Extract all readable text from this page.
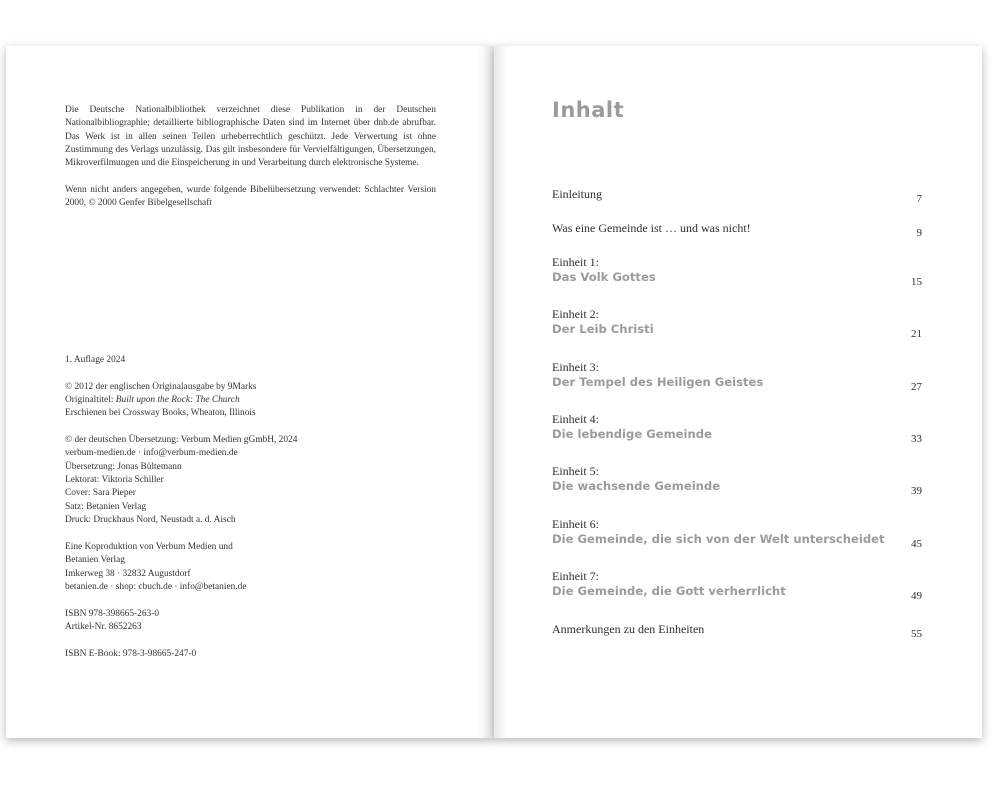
Die Deutsche Nationalbibliothek verzeichnet diese Publikation in der Deutschen Nationalbibliographie; detaillierte bibliographische Daten sind im Internet über dnb.de abrufbar. Das Werk ist in allen seinen Teilen urheberrechtlich geschützt. Jede Verwertung ist ohne Zustimmung des Verlags unzulässig. Das gilt insbesondere für Vervielfältigungen, Übersetzungen, Mikroverfilmungen und die Einspeicherung in und Verarbeitung durch elektronische Systeme.

Wenn nicht anders angegeben, wurde folgende Bibelübersetzung verwendet: Schlachter Version 2000, © 2000 Genfer Bibelgesellschaft

1. Auflage 2024

© 2012 der englischen Originalausgabe by 9Marks

Originaltitel: Built upon the Rock: The Church

Erschienen bei Crossway Books, Wheaton, Illinois

© der deutschen Übersetzung: Verbum Medien gGmbH, 2024

verbum-medien.de · info@verbum-medien.de

Übersetzung: Jonas Bültemann

Lektorat: Viktoria Schiller

Cover: Sara Pieper

Satz: Betanien Verlag

Druck: Druckhaus Nord, Neustadt a. d. Aisch

Eine Koproduktion von Verbum Medien und

Betanien Verlag

Imkerweg 38 · 32832 Augustdorf

betanien.de · shop: cbuch.de · info@betanien.de

ISBN 978-398665-263-0

Artikel-Nr. 8652263

ISBN E-Book: 978-3-98665-247-0

Inhalt
Einleitung	7
Was eine Gemeinde ist … und was nicht!	9
Einheit 1:
Das Volk Gottes	15
Einheit 2:
Der Leib Christi	21
Einheit 3:
Der Tempel des Heiligen Geistes	27
Einheit 4:
Die lebendige Gemeinde	33
Einheit 5:
Die wachsende Gemeinde	39
Einheit 6:
Die Gemeinde, die sich von der Welt unterscheidet	45
Einheit 7:
Die Gemeinde, die Gott verherrlicht	49
Anmerkungen zu den Einheiten	55
